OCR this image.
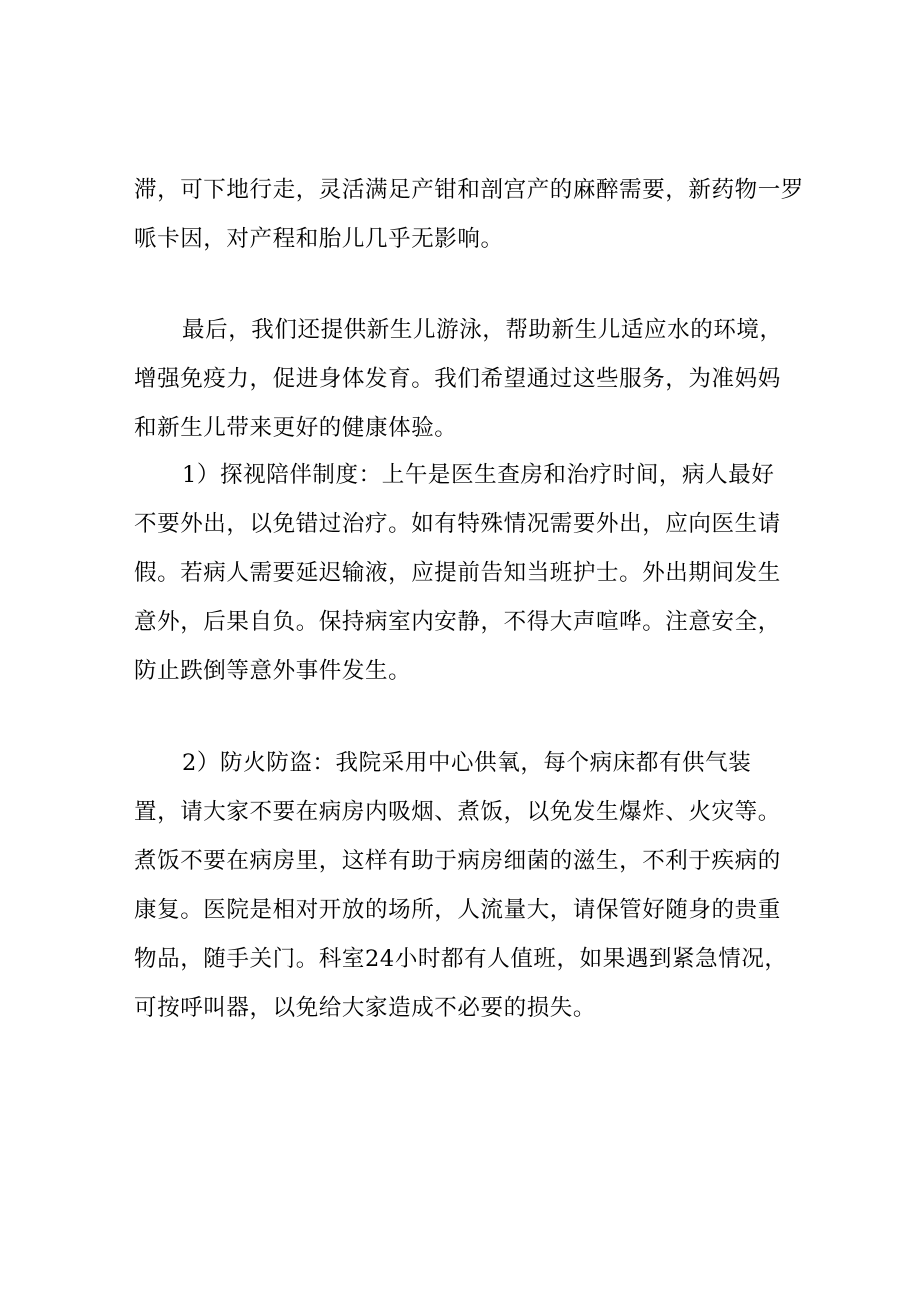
滞，可下地行走，灵活满足产钳和剖宫产的麻醉需要，新药物一罗

哌卡因，对产程和胎儿几乎无影响。

最后，我们还提供新生儿游泳，帮助新生儿适应水的环境，

增强免疫力，促进身体发育。我们希望通过这些服务，为准妈妈

和新生儿带来更好的健康体验。

1）探视陪伴制度：上午是医生查房和治疗时间，病人最好

不要外出，以免错过治疗。如有特殊情况需要外出，应向医生请

假。若病人需要延迟输液，应提前告知当班护士。外出期间发生

意外，后果自负。保持病室内安静，不得大声喧哗。注意安全，

防止跌倒等意外事件发生。

2）防火防盗：我院采用中心供氧，每个病床都有供气装

置，请大家不要在病房内吸烟、煮饭，以免发生爆炸、火灾等。

煮饭不要在病房里，这样有助于病房细菌的滋生，不利于疾病的

康复。医院是相对开放的场所，人流量大，请保管好随身的贵重

物品，随手关门。科室24小时都有人值班，如果遇到紧急情况，

可按呼叫器，以免给大家造成不必要的损失。
